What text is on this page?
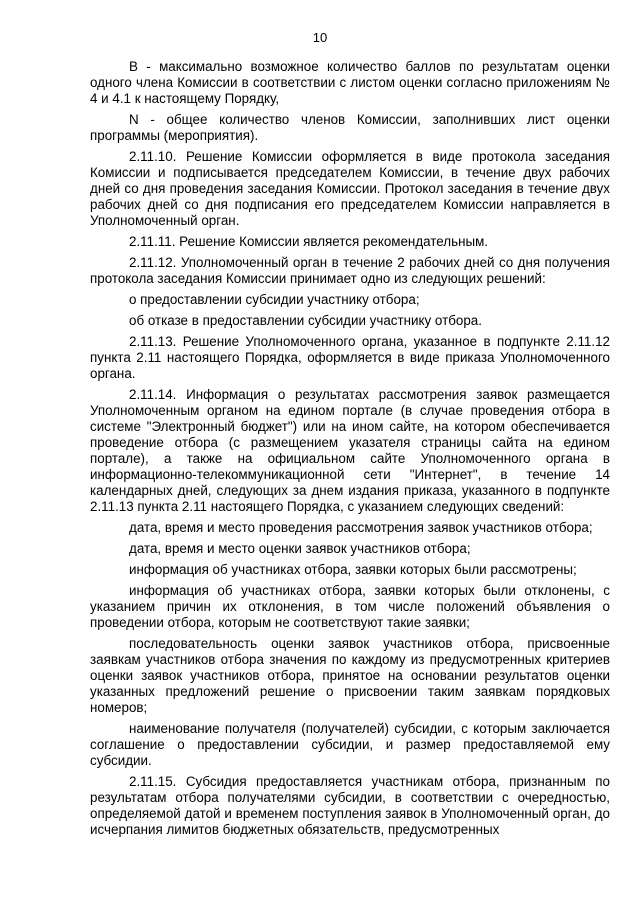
10

В - максимально возможное количество баллов по результатам оценки одного члена Комиссии в соответствии с листом оценки согласно приложениям № 4 и 4.1 к настоящему Порядку,

N - общее количество членов Комиссии, заполнивших лист оценки программы (мероприятия).

2.11.10. Решение Комиссии оформляется в виде протокола заседания Комиссии и подписывается председателем Комиссии, в течение двух рабочих дней со дня проведения заседания Комиссии. Протокол заседания в течение двух рабочих дней со дня подписания его председателем Комиссии направляется в Уполномоченный орган.

2.11.11. Решение Комиссии является рекомендательным.

2.11.12. Уполномоченный орган в течение 2 рабочих дней со дня получения протокола заседания Комиссии принимает одно из следующих решений:

о предоставлении субсидии участнику отбора;

об отказе в предоставлении субсидии участнику отбора.

2.11.13. Решение Уполномоченного органа, указанное в подпункте 2.11.12 пункта 2.11 настоящего Порядка, оформляется в виде приказа Уполномоченного органа.

2.11.14. Информация о результатах рассмотрения заявок размещается Уполномоченным органом на едином портале (в случае проведения отбора в системе "Электронный бюджет") или на ином сайте, на котором обеспечивается проведение отбора (с размещением указателя страницы сайта на едином портале), а также на официальном сайте Уполномоченного органа в информационно-телекоммуникационной сети "Интернет", в течение 14 календарных дней, следующих за днем издания приказа, указанного в подпункте 2.11.13 пункта 2.11 настоящего Порядка, с указанием следующих сведений:

дата, время и место проведения рассмотрения заявок участников отбора;

дата, время и место оценки заявок участников отбора;

информация об участниках отбора, заявки которых были рассмотрены;

информация об участниках отбора, заявки которых были отклонены, с указанием причин их отклонения, в том числе положений объявления о проведении отбора, которым не соответствуют такие заявки;

последовательность оценки заявок участников отбора, присвоенные заявкам участников отбора значения по каждому из предусмотренных критериев оценки заявок участников отбора, принятое на основании результатов оценки указанных предложений решение о присвоении таким заявкам порядковых номеров;

наименование получателя (получателей) субсидии, с которым заключается соглашение о предоставлении субсидии, и размер предоставляемой ему субсидии.

2.11.15. Субсидия предоставляется участникам отбора, признанным по результатам отбора получателями субсидии, в соответствии с очередностью, определяемой датой и временем поступления заявок в Уполномоченный орган, до исчерпания лимитов бюджетных обязательств, предусмотренных
